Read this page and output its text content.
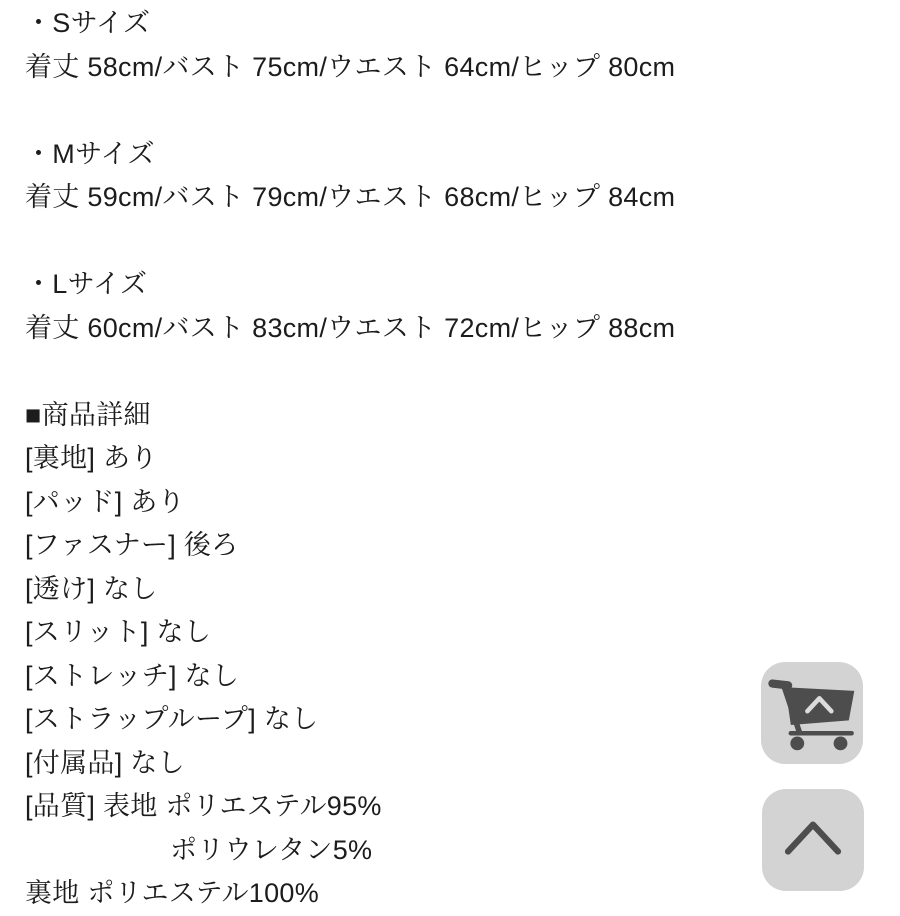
・Sサイズ
着丈 58cm/バスト 75cm/ウエスト 64cm/ヒップ 80cm
・Mサイズ
着丈 59cm/バスト 79cm/ウエスト 68cm/ヒップ 84cm
・Lサイズ
着丈 60cm/バスト 83cm/ウエスト 72cm/ヒップ 88cm
■商品詳細
[裏地] あり
[パッド] あり
[ファスナー] 後ろ
[透け] なし
[スリット] なし
[ストレッチ] なし
[ストラップループ] なし
[付属品] なし
[品質] 表地 ポリエステル95%
ポリウレタン5%
裏地 ポリエステル100%
